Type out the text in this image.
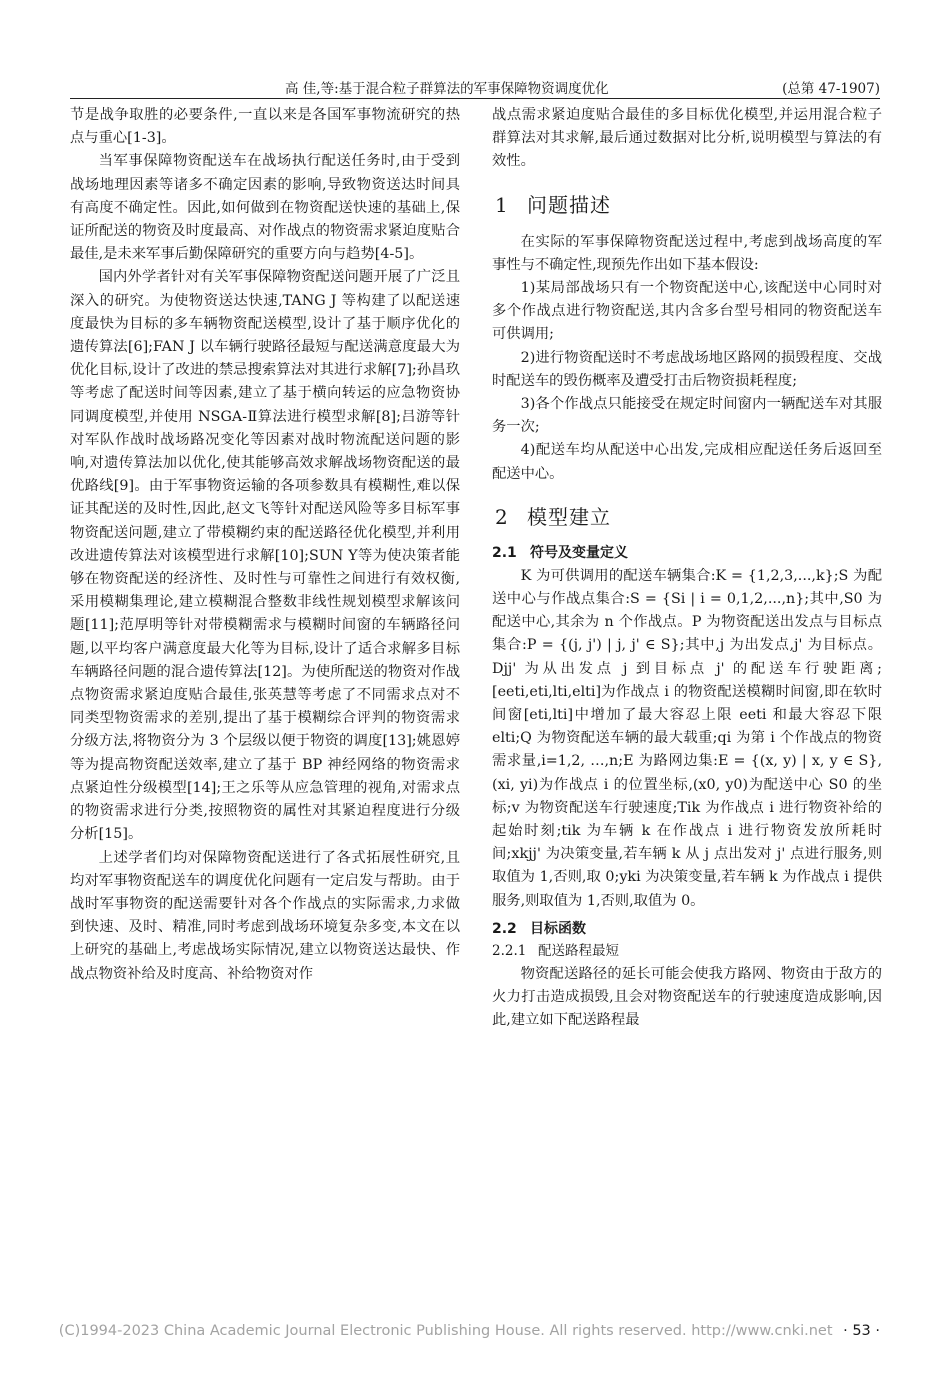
高 佳,等:基于混合粒子群算法的军事保障物资调度优化	(总第 47-1907)

节是战争取胜的必要条件,一直以来是各国军事物流研究的热点与重心[1-3]。

当军事保障物资配送车在战场执行配送任务时,由于受到战场地理因素等诸多不确定因素的影响,导致物资送达时间具有高度不确定性。因此,如何做到在物资配送快速的基础上,保证所配送的物资及时度最高、对作战点的物资需求紧迫度贴合最佳,是未来军事后勤保障研究的重要方向与趋势[4-5]。

国内外学者针对有关军事保障物资配送问题开展了广泛且深入的研究。为使物资送达快速,TANG J 等构建了以配送速度最快为目标的多车辆物资配送模型,设计了基于顺序优化的遗传算法[6];FAN J 以车辆行驶路径最短与配送满意度最大为优化目标,设计了改进的禁忌搜索算法对其进行求解[7];孙昌玖等考虑了配送时间等因素,建立了基于横向转运的应急物资协同调度模型,并使用 NSGA-Ⅱ算法进行模型求解[8];吕游等针对军队作战时战场路况变化等因素对战时物流配送问题的影响,对遗传算法加以优化,使其能够高效求解战场物资配送的最优路线[9]。由于军事物资运输的各项参数具有模糊性,难以保证其配送的及时性,因此,赵文飞等针对配送风险等多目标军事物资配送问题,建立了带模糊约束的配送路径优化模型,并利用改进遗传算法对该模型进行求解[10];SUN Y等为使决策者能够在物资配送的经济性、及时性与可靠性之间进行有效权衡,采用模糊集理论,建立模糊混合整数非线性规划模型求解该问题[11];范厚明等针对带模糊需求与模糊时间窗的车辆路径问题,以平均客户满意度最大化等为目标,设计了适合求解多目标车辆路径问题的混合遗传算法[12]。为使所配送的物资对作战点物资需求紧迫度贴合最佳,张英慧等考虑了不同需求点对不同类型物资需求的差别,提出了基于模糊综合评判的物资需求分级方法,将物资分为 3 个层级以便于物资的调度[13];姚恩婷等为提高物资配送效率,建立了基于 BP 神经网络的物资需求点紧迫性分级模型[14];王之乐等从应急管理的视角,对需求点的物资需求进行分类,按照物资的属性对其紧迫程度进行分级分析[15]。

上述学者们均对保障物资配送进行了各式拓展性研究,且均对军事物资配送车的调度优化问题有一定启发与帮助。由于战时军事物资的配送需要针对各个作战点的实际需求,力求做到快速、及时、精准,同时考虑到战场环境复杂多变,本文在以上研究的基础上,考虑战场实际情况,建立以物资送达最快、作战点物资补给及时度高、补给物资对作

战点需求紧迫度贴合最佳的多目标优化模型,并运用混合粒子群算法对其求解,最后通过数据对比分析,说明模型与算法的有效性。

1 问题描述

在实际的军事保障物资配送过程中,考虑到战场高度的军事性与不确定性,现预先作出如下基本假设:

1)某局部战场只有一个物资配送中心,该配送中心同时对多个作战点进行物资配送,其内含多台型号相同的物资配送车可供调用;

2)进行物资配送时不考虑战场地区路网的损毁程度、交战时配送车的毁伤概率及遭受打击后物资损耗程度;

3)各个作战点只能接受在规定时间窗内一辆配送车对其服务一次;

4)配送车均从配送中心出发,完成相应配送任务后返回至配送中心。

2 模型建立
2.1 符号及变量定义

K 为可供调用的配送车辆集合:K = {1,2,3,...,k};S 为配送中心与作战点集合:S = {Si | i = 0,1,2,...,n};其中,S0 为配送中心,其余为 n 个作战点。P 为物资配送出发点与目标点集合:P = {(j, j') | j, j' ∈ S};其中,j 为出发点,j' 为目标点。Djj' 为从出发点 j 到目标点 j' 的配送车行驶距离;[eeti,eti,lti,elti]为作战点 i 的物资配送模糊时间窗,即在软时间窗[eti,lti]中增加了最大容忍上限 eeti 和最大容忍下限 elti;Q 为物资配送车辆的最大载重;qi 为第 i 个作战点的物资需求量,i=1,2, …,n;E 为路网边集:E = {(x, y) | x, y ∈ S},(xi, yi)为作战点 i 的位置坐标,(x0, y0)为配送中心 S0 的坐标;v 为物资配送车行驶速度;Tik 为作战点 i 进行物资补给的起始时刻;tik 为车辆 k 在作战点 i 进行物资发放所耗时间;xkjj' 为决策变量,若车辆 k 从 j 点出发对 j' 点进行服务,则取值为 1,否则,取 0;yki 为决策变量,若车辆 k 为作战点 i 提供服务,则取值为 1,否则,取值为 0。

2.2 目标函数
2.2.1 配送路程最短

物资配送路径的延长可能会使我方路网、物资由于敌方的火力打击造成损毁,且会对物资配送车的行驶速度造成影响,因此,建立如下配送路程最

(C)1994-2023 China Academic Journal Electronic Publishing House. All rights reserved. http://www.cnki.net · 53 ·
